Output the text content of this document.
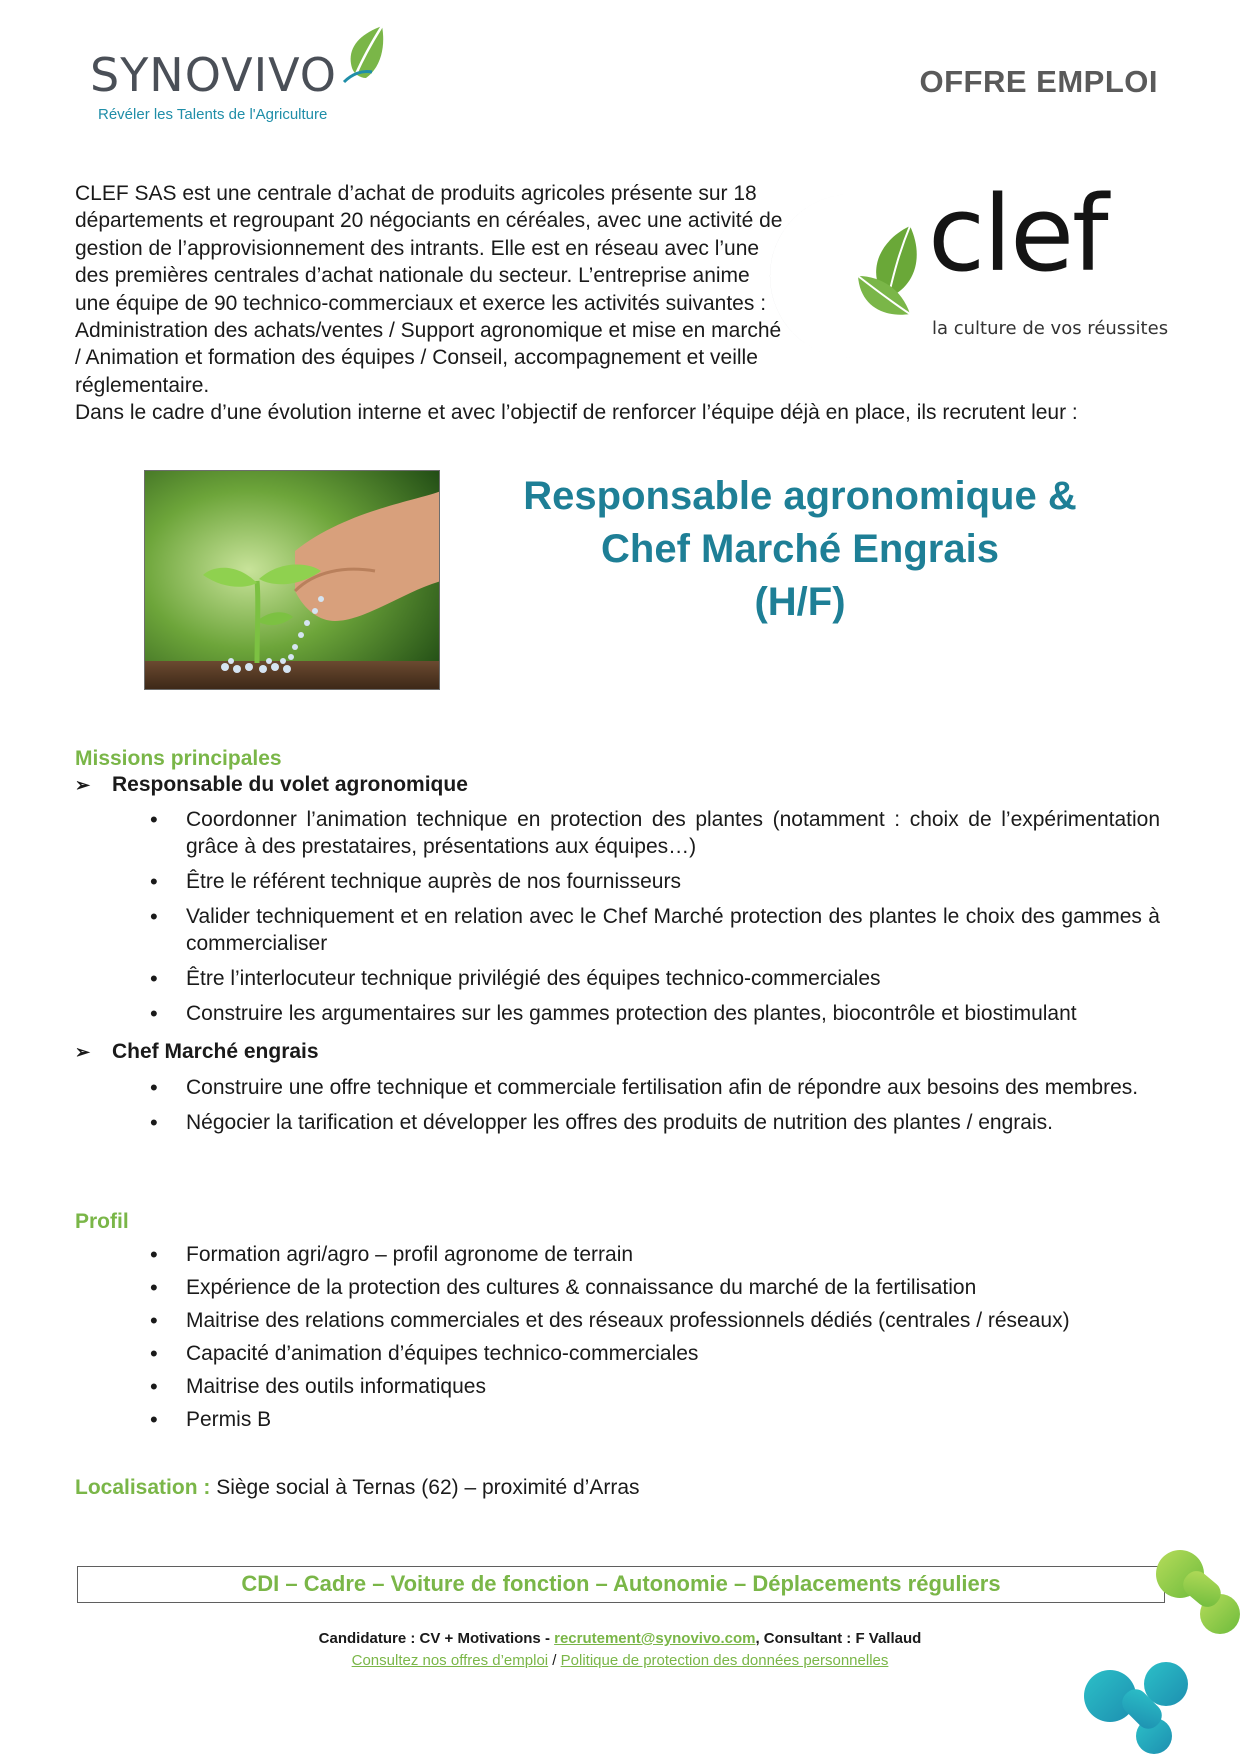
SYNOVIVO
Révéler les Talents de l'Agriculture
OFFRE EMPLOI
clef
la culture de vos réussites

CLEF SAS est une centrale d’achat de produits agricoles présente sur 18 départements et regroupant 20 négociants en céréales, avec une activité de gestion de l’approvisionnement des intrants. Elle est en réseau avec l’une des premières centrales d’achat nationale du secteur. L’entreprise anime une équipe de 90 technico-commerciaux et exerce les activités suivantes : Administration des achats/ventes / Support agronomique et mise en marché / Animation et formation des équipes / Conseil, accompagnement et veille réglementaire.

Dans le cadre d’une évolution interne et avec l’objectif de renforcer l’équipe déjà en place, ils recrutent leur :

Responsable agronomique &
Chef Marché Engrais
(H/F)
Missions principales
➢	Responsable du volet agronomique
• Coordonner l’animation technique en protection des plantes (notamment : choix de l’expérimentation grâce à des prestataires, présentations aux équipes…)
• Être le référent technique auprès de nos fournisseurs
• Valider techniquement et en relation avec le Chef Marché protection des plantes le choix des gammes à commercialiser
• Être l’interlocuteur technique privilégié des équipes technico-commerciales
• Construire les argumentaires sur les gammes protection des plantes, biocontrôle et biostimulant
➢	Chef Marché engrais
• Construire une offre technique et commerciale fertilisation afin de répondre aux besoins des membres.
• Négocier la tarification et développer les offres des produits de nutrition des plantes / engrais.
Profil
• Formation agri/agro – profil agronome de terrain
• Expérience de la protection des cultures & connaissance du marché de la fertilisation
• Maitrise des relations commerciales et des réseaux professionnels dédiés (centrales / réseaux)
• Capacité d’animation d’équipes technico-commerciales
• Maitrise des outils informatiques
• Permis B
Localisation : Siège social à Ternas (62) – proximité d’Arras
CDI – Cadre – Voiture de fonction – Autonomie – Déplacements réguliers
Candidature : CV + Motivations - recrutement@synovivo.com, Consultant : F Vallaud
Consultez nos offres d’emploi / Politique de protection des données personnelles
